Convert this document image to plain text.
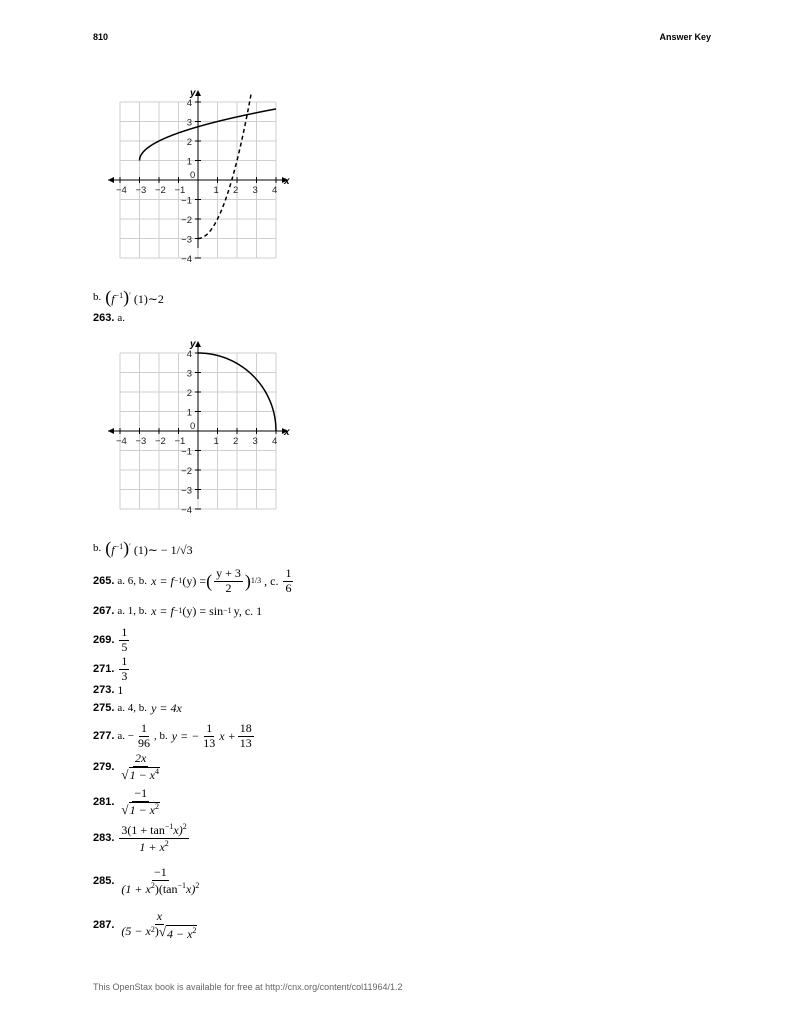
810	Answer Key
−4 −3 −2 −1
0
1 2 3 4
4
3
2
1
−1
−2
−3
−4
x
y
b. $(f^{-1})'$ (1)∼2
263. a.
−4 −3 −2 −1
0
1 2 3 4
4
3
2
1
−1
−2
−3
−4
x
y
b. $(f^{-1})'$ (1)∼ − 1/√3
265. a. 6, b. x = f −1 (y) = ( $\frac{y + 3}{2}$ ) 1/3 , c. $\frac{1}{6}$
267. a. 1, b. x = f −1 (y) = sin −1 y, c. 1
269. $\frac{1}{5}$
271. $\frac{1}{3}$
273. 1
275. a. 4, b. y = 4x
277. a. − $\frac{1}{96}$ , b. y = − $\frac{1}{13}$ $x + \frac{18}{13}$
279. $\frac{2x}{√1 - x^4}$
281. $\frac{-1}{√1 - x^2}$
283. $\frac{3(1 + \tan^{-1}x)^2}{1 + x^2}$
285. $\frac{-1}{(1 + x^2)(\tan^{-1}x)^2}$
287. $\frac{x}{(5 - x 2 ) √ 4 - x^2}$
This OpenStax book is available for free at http://cnx.org/content/col11964/1.2
